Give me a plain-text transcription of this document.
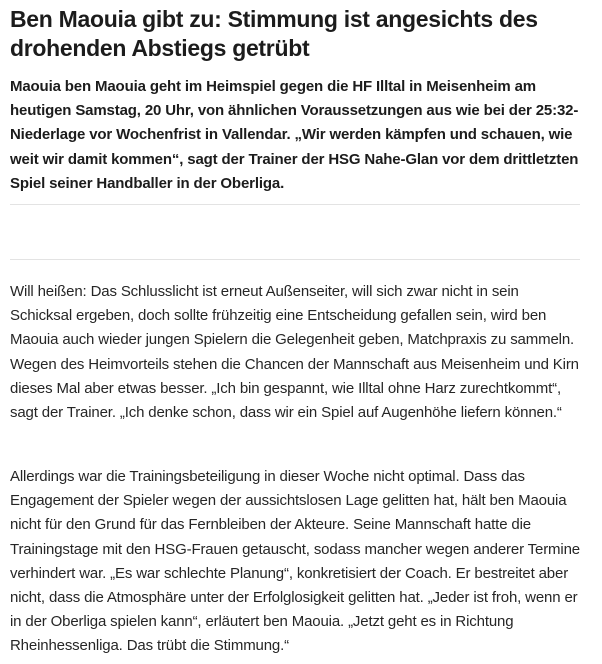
Ben Maouia gibt zu: Stimmung ist angesichts des drohenden Abstiegs getrübt

Maouia ben Maouia geht im Heimspiel gegen die HF Illtal in Meisenheim am heutigen Samstag, 20 Uhr, von ähnlichen Voraussetzungen aus wie bei der 25:32-Niederlage vor Wochenfrist in Vallendar. „Wir werden kämpfen und schauen, wie weit wir damit kommen“, sagt der Trainer der HSG Nahe-Glan vor dem drittletzten Spiel seiner Handballer in der Oberliga.

Will heißen: Das Schlusslicht ist erneut Außenseiter, will sich zwar nicht in sein Schicksal ergeben, doch sollte frühzeitig eine Entscheidung gefallen sein, wird ben Maouia auch wieder jungen Spielern die Gelegenheit geben, Matchpraxis zu sammeln. Wegen des Heimvorteils stehen die Chancen der Mannschaft aus Meisenheim und Kirn dieses Mal aber etwas besser. „Ich bin gespannt, wie Illtal ohne Harz zurechtkommt“, sagt der Trainer. „Ich denke schon, dass wir ein Spiel auf Augenhöhe liefern können.“

Allerdings war die Trainingsbeteiligung in dieser Woche nicht optimal. Dass das Engagement der Spieler wegen der aussichtslosen Lage gelitten hat, hält ben Maouia nicht für den Grund für das Fernbleiben der Akteure. Seine Mannschaft hatte die Trainingstage mit den HSG-Frauen getauscht, sodass mancher wegen anderer Termine verhindert war. „Es war schlechte Planung“, konkretisiert der Coach. Er bestreitet aber nicht, dass die Atmosphäre unter der Erfolglosigkeit gelitten hat. „Jeder ist froh, wenn er in der Oberliga spielen kann“, erläutert ben Maouia. „Jetzt geht es in Richtung Rheinhessenliga. Das trübt die Stimmung.“
